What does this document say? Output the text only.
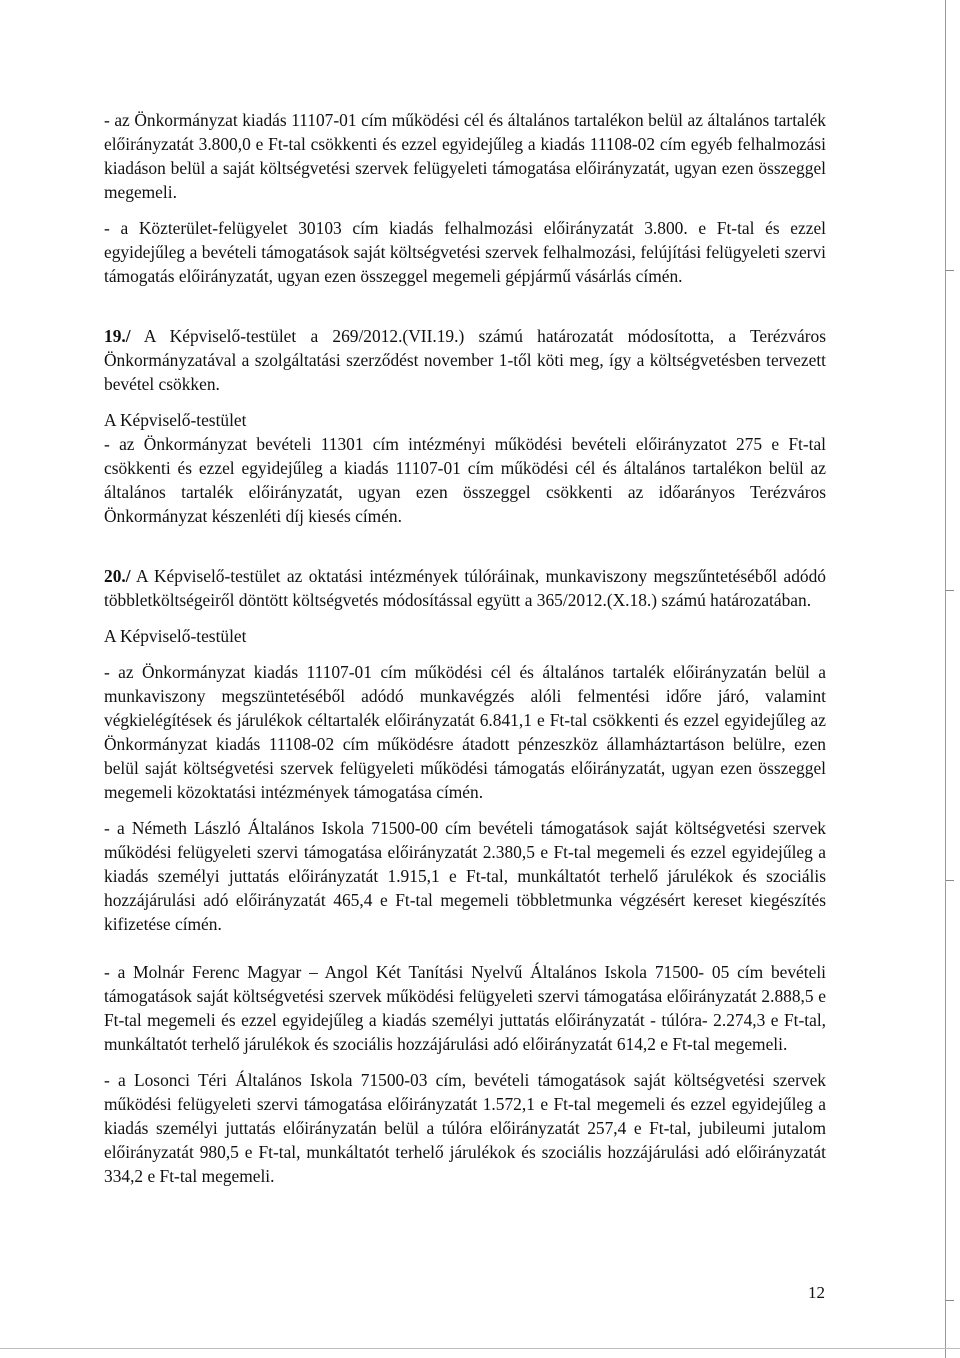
- az Önkormányzat kiadás 11107-01 cím működési cél és általános tartalékon belül az általános tartalék előirányzatát 3.800,0 e Ft-tal csökkenti és ezzel egyidejűleg a kiadás 11108-02 cím egyéb felhalmozási kiadáson belül a saját költségvetési szervek felügyeleti támogatása előirányzatát, ugyan ezen összeggel megemeli.

- a Közterület-felügyelet 30103 cím kiadás felhalmozási előirányzatát 3.800. e Ft-tal és ezzel egyidejűleg a bevételi támogatások saját költségvetési szervek felhalmozási, felújítási felügyeleti szervi támogatás előirányzatát, ugyan ezen összeggel megemeli gépjármű vásárlás címén.

19./ A Képviselő-testület a 269/2012.(VII.19.) számú határozatát módosította, a Terézváros Önkormányzatával a szolgáltatási szerződést november 1-től köti meg, így a költségvetésben tervezett bevétel csökken.

A Képviselő-testület

- az Önkormányzat bevételi 11301 cím intézményi működési bevételi előirányzatot 275 e Ft-tal csökkenti és ezzel egyidejűleg a kiadás 11107-01 cím működési cél és általános tartalékon belül az általános tartalék előirányzatát, ugyan ezen összeggel csökkenti az időarányos Terézváros Önkormányzat készenléti díj kiesés címén.

20./ A Képviselő-testület az oktatási intézmények túlóráinak, munkaviszony megszűntetéséből adódó többletköltségeiről döntött költségvetés módosítással együtt a 365/2012.(X.18.) számú határozatában.

A Képviselő-testület

- az Önkormányzat kiadás 11107-01 cím működési cél és általános tartalék előirányzatán belül a munkaviszony megszüntetéséből adódó munkavégzés alóli felmentési időre járó, valamint végkielégítések és járulékok céltartalék előirányzatát 6.841,1 e Ft-tal csökkenti és ezzel egyidejűleg az Önkormányzat kiadás 11108-02 cím működésre átadott pénzeszköz államháztartáson belülre, ezen belül saját költségvetési szervek felügyeleti működési támogatás előirányzatát, ugyan ezen összeggel megemeli közoktatási intézmények támogatása címén.

- a Németh László Általános Iskola 71500-00 cím bevételi támogatások saját költségvetési szervek működési felügyeleti szervi támogatása előirányzatát 2.380,5 e Ft-tal megemeli és ezzel egyidejűleg a kiadás személyi juttatás előirányzatát 1.915,1 e Ft-tal, munkáltatót terhelő járulékok és szociális hozzájárulási adó előirányzatát 465,4 e Ft-tal megemeli többletmunka végzésért kereset kiegészítés kifizetése címén.

- a Molnár Ferenc Magyar – Angol Két Tanítási Nyelvű Általános Iskola 71500- 05 cím bevételi támogatások saját költségvetési szervek működési felügyeleti szervi támogatása előirányzatát 2.888,5 e Ft-tal megemeli és ezzel egyidejűleg a kiadás személyi juttatás előirányzatát - túlóra- 2.274,3 e Ft-tal, munkáltatót terhelő járulékok és szociális hozzájárulási adó előirányzatát 614,2 e Ft-tal megemeli.

- a Losonci Téri Általános Iskola 71500-03 cím, bevételi támogatások saját költségvetési szervek működési felügyeleti szervi támogatása előirányzatát 1.572,1 e Ft-tal megemeli és ezzel egyidejűleg a kiadás személyi juttatás előirányzatán belül a túlóra előirányzatát 257,4 e Ft-tal, jubileumi jutalom előirányzatát 980,5 e Ft-tal, munkáltatót terhelő járulékok és szociális hozzájárulási adó előirányzatát 334,2 e Ft-tal megemeli.

12
